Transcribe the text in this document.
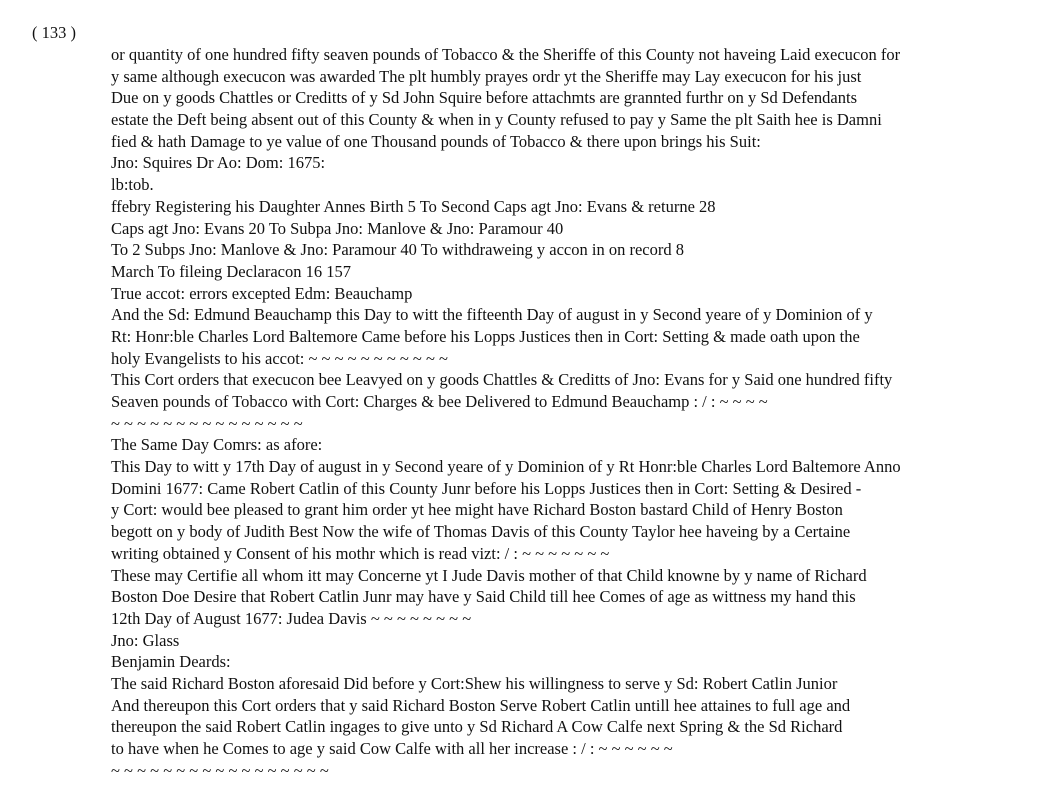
( 133 )
or quantity of one hundred fifty seaven pounds of Tobacco & the Sheriffe of this County not haveing Laid execucon for
y same although execucon was awarded The plt humbly prayes ordr yt the Sheriffe may Lay execucon for his just
Due on y goods Chattles or Creditts of y Sd John Squire before attachmts are grannted furthr on y Sd Defendants
estate the Deft being absent out of this County & when in y County refused to pay y Same the plt Saith hee is Damni
fied & hath Damage to ye value of one Thousand pounds of Tobacco & there upon brings his Suit:
Jno: Squires Dr Ao: Dom: 1675:
lb:tob.
ffebry Registering his Daughter Annes Birth 5 To Second Caps agt Jno: Evans & returne 28
Caps agt Jno: Evans 20 To Subpa Jno: Manlove & Jno: Paramour 40
To 2 Subps Jno: Manlove & Jno: Paramour 40 To withdraweing y accon in on record 8
March To fileing Declaracon 16 157
True accot: errors excepted Edm: Beauchamp
And the Sd: Edmund Beauchamp this Day to witt the fifteenth Day of august in y Second yeare of y Dominion of y
Rt: Honr:ble Charles Lord Baltemore Came before his Lopps Justices then in Cort: Setting & made oath upon the
holy Evangelists to his accot: ~ ~ ~ ~ ~ ~ ~ ~ ~ ~ ~
This Cort orders that execucon bee Leavyed on y goods Chattles & Creditts of Jno: Evans for y Said one hundred fifty
Seaven pounds of Tobacco with Cort: Charges & bee Delivered to Edmund Beauchamp : / : ~ ~ ~ ~
~ ~ ~ ~ ~ ~ ~ ~ ~ ~ ~ ~ ~ ~ ~
The Same Day Comrs: as afore:
This Day to witt y 17th Day of august in y Second yeare of y Dominion of y Rt Honr:ble Charles Lord Baltemore Anno
Domini 1677: Came Robert Catlin of this County Junr before his Lopps Justices then in Cort: Setting & Desired -
y Cort: would bee pleased to grant him order yt hee might have Richard Boston bastard Child of Henry Boston
begott on y body of Judith Best Now the wife of Thomas Davis of this County Taylor hee haveing by a Certaine
writing obtained y Consent of his mothr which is read vizt: / : ~ ~ ~ ~ ~ ~ ~
These may Certifie all whom itt may Concerne yt I Jude Davis mother of that Child knowne by y name of Richard
Boston Doe Desire that Robert Catlin Junr may have y Said Child till hee Comes of age as wittness my hand this
12th Day of August 1677: Judea Davis ~ ~ ~ ~ ~ ~ ~ ~
Jno: Glass
Benjamin Deards:
The said Richard Boston aforesaid Did before y Cort:Shew his willingness to serve y Sd: Robert Catlin Junior
And thereupon this Cort orders that y said Richard Boston Serve Robert Catlin untill hee attaines to full age and
thereupon the said Robert Catlin ingages to give unto y Sd Richard A Cow Calfe next Spring & the Sd Richard
to have when he Comes to age y said Cow Calfe with all her increase : / : ~ ~ ~ ~ ~ ~
~ ~ ~ ~ ~ ~ ~ ~ ~ ~ ~ ~ ~ ~ ~ ~ ~
